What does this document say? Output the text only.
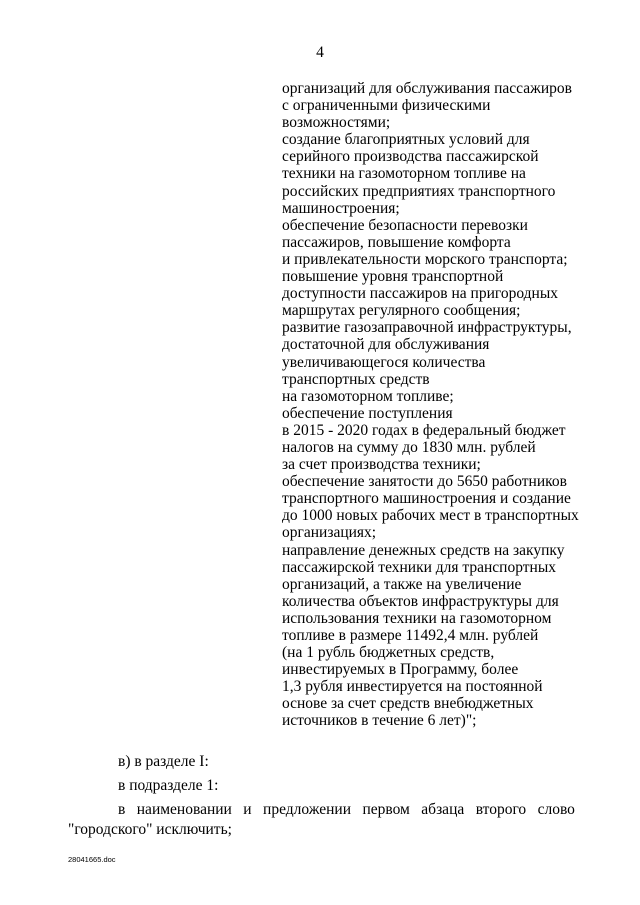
4
организаций для обслуживания пассажиров
с ограниченными физическими
возможностями;
создание благоприятных условий для
серийного производства пассажирской
техники на газомоторном топливе на
российских предприятиях транспортного
машиностроения;
обеспечение безопасности перевозки
пассажиров, повышение комфорта
и привлекательности морского транспорта;
повышение уровня транспортной
доступности пассажиров на пригородных
маршрутах регулярного сообщения;
развитие газозаправочной инфраструктуры,
достаточной для обслуживания
увеличивающегося количества
транспортных средств
на газомоторном топливе;
обеспечение поступления
в 2015 - 2020 годах в федеральный бюджет
налогов на сумму до 1830 млн. рублей
за счет производства техники;
обеспечение занятости до 5650 работников
транспортного машиностроения и создание
до 1000 новых рабочих мест в транспортных
организациях;
направление денежных средств на закупку
пассажирской техники для транспортных
организаций, а также на увеличение
количества объектов инфраструктуры для
использования техники на газомоторном
топливе в размере 11492,4 млн. рублей
(на 1 рубль бюджетных средств,
инвестируемых в Программу, более
1,3 рубля инвестируется на постоянной
основе за счет средств внебюджетных
источников в течение 6 лет)";
в) в разделе I:
в подразделе 1:
в наименовании и предложении первом абзаца второго слово
"городского" исключить;
28041665.doc
